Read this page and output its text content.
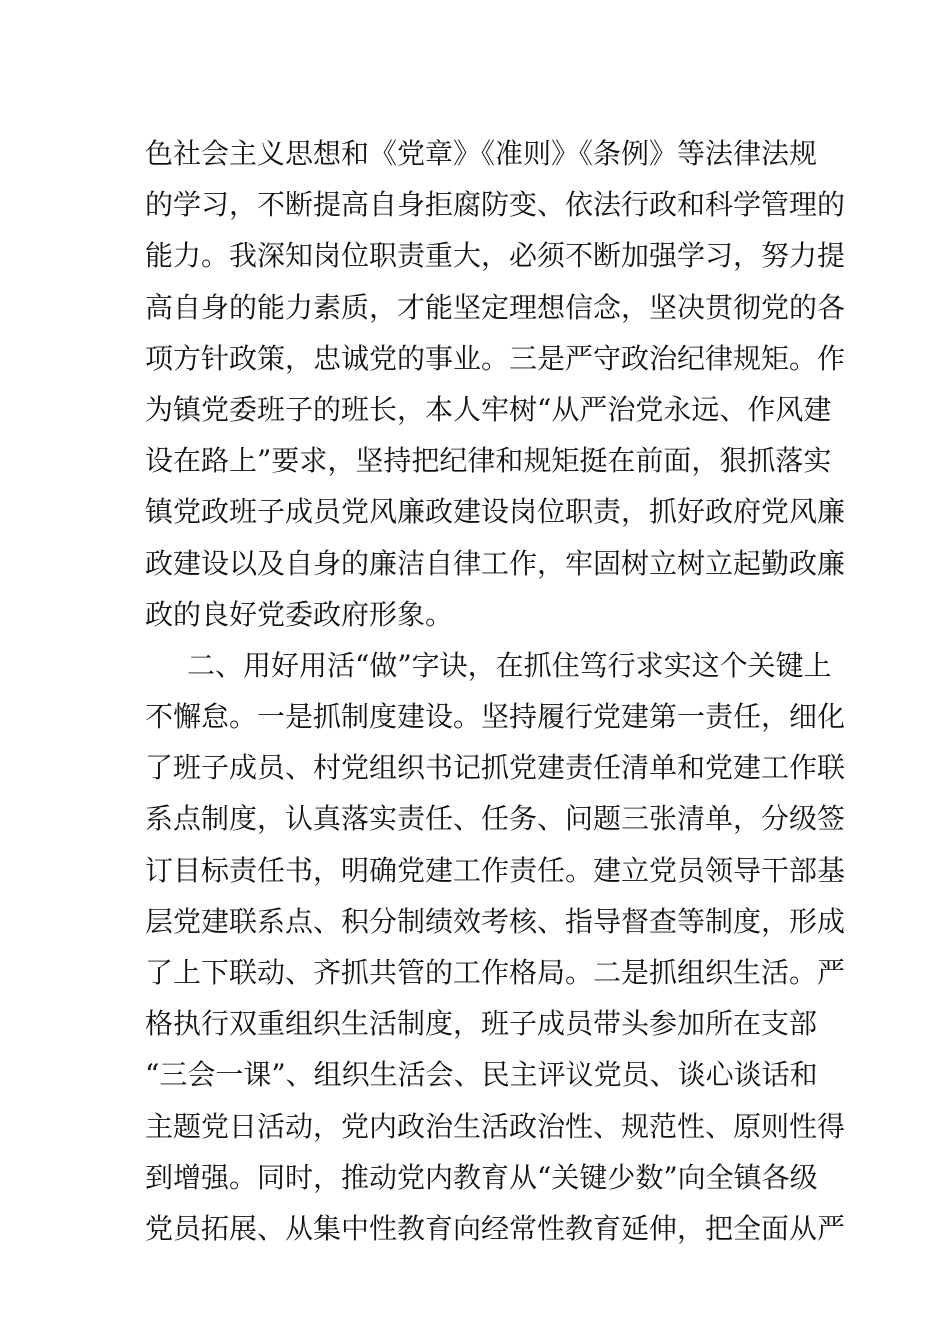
色社会主义思想和《党章》《准则》《条例》等法律法规
的学习，不断提高自身拒腐防变、依法行政和科学管理的
能力。我深知岗位职责重大，必须不断加强学习，努力提
高自身的能力素质，才能坚定理想信念，坚决贯彻党的各
项方针政策，忠诚党的事业。三是严守政治纪律规矩。作
为镇党委班子的班长，本人牢树“从严治党永远、作风建
设在路上”要求，坚持把纪律和规矩挺在前面，狠抓落实
镇党政班子成员党风廉政建设岗位职责，抓好政府党风廉
政建设以及自身的廉洁自律工作，牢固树立树立起勤政廉
政的良好党委政府形象。
二、用好用活“做”字诀，在抓住笃行求实这个关键上
不懈怠。一是抓制度建设。坚持履行党建第一责任，细化
了班子成员、村党组织书记抓党建责任清单和党建工作联
系点制度，认真落实责任、任务、问题三张清单，分级签
订目标责任书，明确党建工作责任。建立党员领导干部基
层党建联系点、积分制绩效考核、指导督查等制度，形成
了上下联动、齐抓共管的工作格局。二是抓组织生活。严
格执行双重组织生活制度，班子成员带头参加所在支部
“三会一课”、组织生活会、民主评议党员、谈心谈话和
主题党日活动，党内政治生活政治性、规范性、原则性得
到增强。同时，推动党内教育从“关键少数”向全镇各级
党员拓展、从集中性教育向经常性教育延伸，把全面从严
